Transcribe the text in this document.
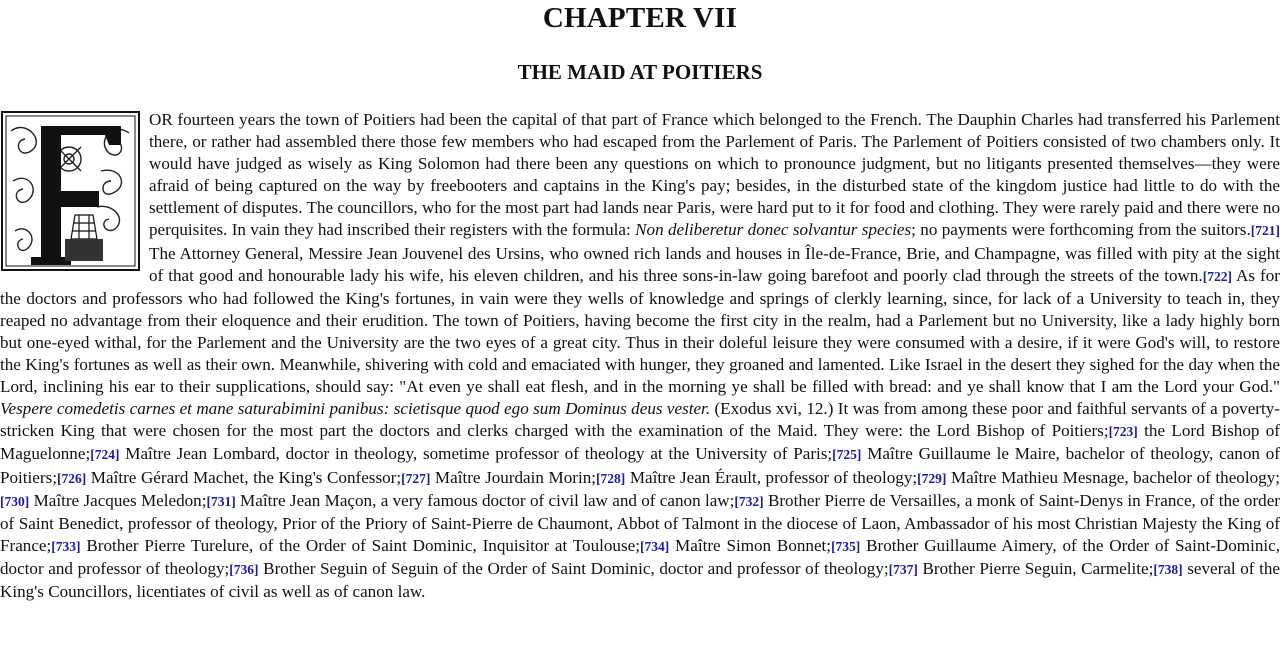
CHAPTER VII
THE MAID AT POITIERS
OR fourteen years the town of Poitiers had been the capital of that part of France which belonged to the French. The Dauphin Charles had transferred his Parlement there, or rather had assembled there those few members who had escaped from the Parlement of Paris. The Parlement of Poitiers consisted of two chambers only. It would have judged as wisely as King Solomon had there been any questions on which to pronounce judgment, but no litigants presented themselves—they were afraid of being captured on the way by freebooters and captains in the King's pay; besides, in the disturbed state of the kingdom justice had little to do with the settlement of disputes. The councillors, who for the most part had lands near Paris, were hard put to it for food and clothing. They were rarely paid and there were no perquisites. In vain they had inscribed their registers with the formula: Non deliberetur donec solvantur species; no payments were forthcoming from the suitors.[721] The Attorney General, Messire Jean Jouvenel des Ursins, who owned rich lands and houses in Île-de-France, Brie, and Champagne, was filled with pity at the sight of that good and honourable lady his wife, his eleven children, and his three sons-in-law going barefoot and poorly clad through the streets of the town.[722] As for the doctors and professors who had followed the King's fortunes, in vain were they wells of knowledge and springs of clerkly learning, since, for lack of a University to teach in, they reaped no advantage from their eloquence and their erudition. The town of Poitiers, having become the first city in the realm, had a Parlement but no University, like a lady highly born but one-eyed withal, for the Parlement and the University are the two eyes of a great city. Thus in their doleful leisure they were consumed with a desire, if it were God's will, to restore the King's fortunes as well as their own. Meanwhile, shivering with cold and emaciated with hunger, they groaned and lamented. Like Israel in the desert they sighed for the day when the Lord, inclining his ear to their supplications, should say: "At even ye shall eat flesh, and in the morning ye shall be filled with bread: and ye shall know that I am the Lord your God." Vespere comedetis carnes et mane saturabimini panibus: scietisque quod ego sum Dominus deus vester. (Exodus xvi, 12.) It was from among these poor and faithful servants of a poverty-stricken King that were chosen for the most part the doctors and clerks charged with the examination of the Maid. They were: the Lord Bishop of Poitiers;[723] the Lord Bishop of Maguelonne;[724] Maître Jean Lombard, doctor in theology, sometime professor of theology at the University of Paris;[725] Maître Guillaume le Maire, bachelor of theology, canon of Poitiers;[726] Maître Gérard Machet, the King's Confessor;[727] Maître Jourdain Morin;[728] Maître Jean Érault, professor of theology;[729] Maître Mathieu Mesnage, bachelor of theology;[730] Maître Jacques Meledon;[731] Maître Jean Maçon, a very famous doctor of civil law and of canon law;[732] Brother Pierre de Versailles, a monk of Saint-Denys in France, of the order of Saint Benedict, professor of theology, Prior of the Priory of Saint-Pierre de Chaumont, Abbot of Talmont in the diocese of Laon, Ambassador of his most Christian Majesty the King of France;[733] Brother Pierre Turelure, of the Order of Saint Dominic, Inquisitor at Toulouse;[734] Maître Simon Bonnet;[735] Brother Guillaume Aimery, of the Order of Saint-Dominic, doctor and professor of theology;[736] Brother Seguin of Seguin of the Order of Saint Dominic, doctor and professor of theology;[737] Brother Pierre Seguin, Carmelite;[738] several of the King's Councillors, licentiates of civil as well as of canon law.
